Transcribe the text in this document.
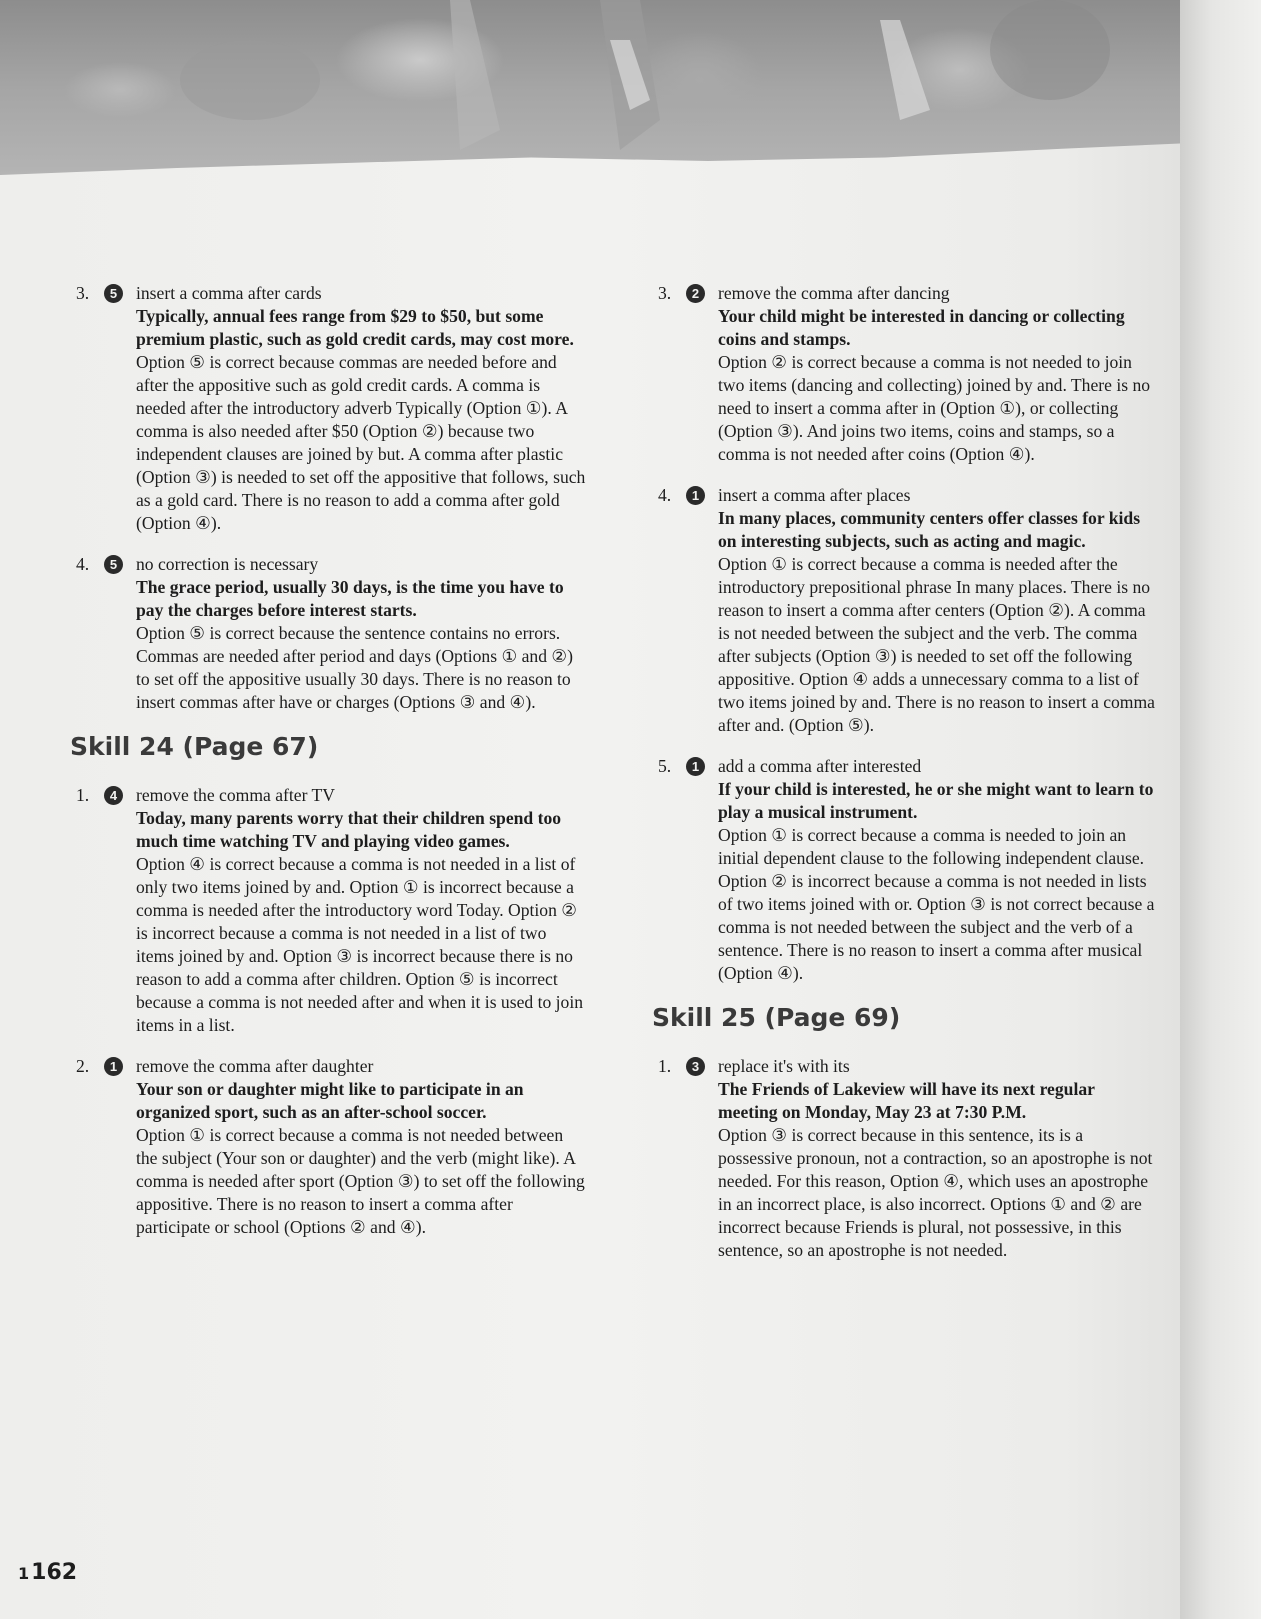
3.	5	insert a comma after cards
Typically, annual fees range from $29 to $50, but some premium plastic, such as gold credit cards, may cost more.
Option ⑤ is correct because commas are needed before and after the appositive such as gold credit cards. A comma is needed after the introductory adverb Typically (Option ①). A comma is also needed after $50 (Option ②) because two independent clauses are joined by but. A comma after plastic (Option ③) is needed to set off the appositive that follows, such as a gold card. There is no reason to add a comma after gold (Option ④).
4.	5	no correction is necessary
The grace period, usually 30 days, is the time you have to pay the charges before interest starts.
Option ⑤ is correct because the sentence contains no errors. Commas are needed after period and days (Options ① and ②) to set off the appositive usually 30 days. There is no reason to insert commas after have or charges (Options ③ and ④).
Skill 24 (Page 67)
1.	4	remove the comma after TV
Today, many parents worry that their children spend too much time watching TV and playing video games.
Option ④ is correct because a comma is not needed in a list of only two items joined by and. Option ① is incorrect because a comma is needed after the introductory word Today. Option ② is incorrect because a comma is not needed in a list of two items joined by and. Option ③ is incorrect because there is no reason to add a comma after children. Option ⑤ is incorrect because a comma is not needed after and when it is used to join items in a list.
2.	1	remove the comma after daughter
Your son or daughter might like to participate in an organized sport, such as an after-school soccer.
Option ① is correct because a comma is not needed between the subject (Your son or daughter) and the verb (might like). A comma is needed after sport (Option ③) to set off the following appositive. There is no reason to insert a comma after participate or school (Options ② and ④).
3.	2	remove the comma after dancing
Your child might be interested in dancing or collecting coins and stamps.
Option ② is correct because a comma is not needed to join two items (dancing and collecting) joined by and. There is no need to insert a comma after in (Option ①), or collecting (Option ③). And joins two items, coins and stamps, so a comma is not needed after coins (Option ④).
4.	1	insert a comma after places
In many places, community centers offer classes for kids on interesting subjects, such as acting and magic.
Option ① is correct because a comma is needed after the introductory prepositional phrase In many places. There is no reason to insert a comma after centers (Option ②). A comma is not needed between the subject and the verb. The comma after subjects (Option ③) is needed to set off the following appositive. Option ④ adds a unnecessary comma to a list of two items joined by and. There is no reason to insert a comma after and. (Option ⑤).
5.	1	add a comma after interested
If your child is interested, he or she might want to learn to play a musical instrument.
Option ① is correct because a comma is needed to join an initial dependent clause to the following independent clause. Option ② is incorrect because a comma is not needed in lists of two items joined with or. Option ③ is not correct because a comma is not needed between the subject and the verb of a sentence. There is no reason to insert a comma after musical (Option ④).
Skill 25 (Page 69)
1.	3	replace it's with its
The Friends of Lakeview will have its next regular meeting on Monday, May 23 at 7:30 P.M.
Option ③ is correct because in this sentence, its is a possessive pronoun, not a contraction, so an apostrophe is not needed. For this reason, Option ④, which uses an apostrophe in an incorrect place, is also incorrect. Options ① and ② are incorrect because Friends is plural, not possessive, in this sentence, so an apostrophe is not needed.
1162
